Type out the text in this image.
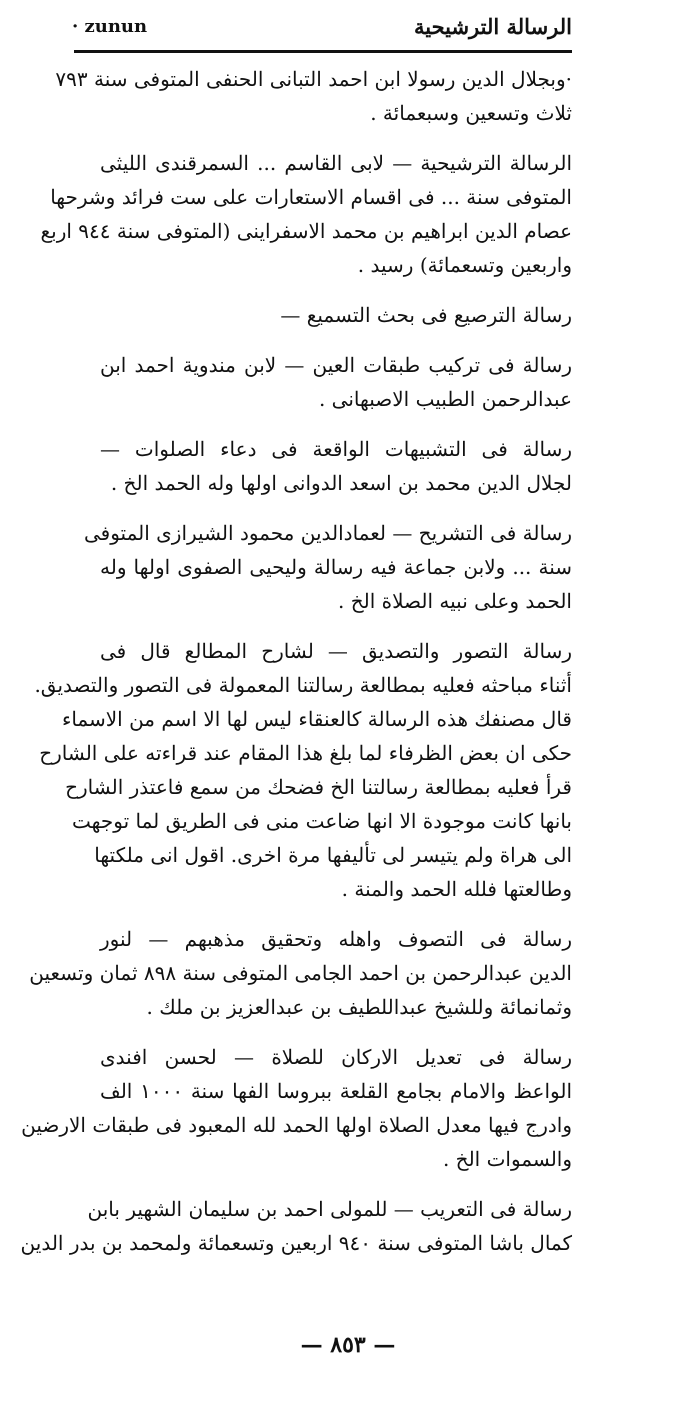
الرسالة الترشيحية
· zunun
·وبجلال الدين رسولا ابن احمد التبانى الحنفى المتوفى سنة ٧٩٣
ثلاث وتسعين وسبعمائة .
الرسالة الترشيحية — لابى القاسم ... السمرقندى الليثى
المتوفى سنة ... فى اقسام الاستعارات على ست فرائد وشرحها
عصام الدين ابراهيم بن محمد الاسفراينى (المتوفى سنة ٩٤٤ اربع
واربعين وتسعمائة) رسيد .
رسالة الترصيع فى بحث التسميع —
رسالة فى تركيب طبقات العين — لابن مندوية احمد ابن
عبدالرحمن الطبيب الاصبهانى .
رسالة فى التشبيهات الواقعة فى دعاء الصلوات —
لجلال الدين محمد بن اسعد الدوانى اولها وله الحمد الخ .
رسالة فى التشريح — لعمادالدين محمود الشيرازى المتوفى
سنة ... ولابن جماعة فيه رسالة وليحيى الصفوى اولها وله
الحمد وعلى نبيه الصلاة الخ .
رسالة التصور والتصديق — لشارح المطالع قال فى
أثناء مباحثه فعليه بمطالعة رسالتنا المعمولة فى التصور والتصديق.
قال مصنفك هذه الرسالة كالعنقاء ليس لها الا اسم من الاسماء
حكى ان بعض الظرفاء لما بلغ هذا المقام عند قراءته على الشارح
قرأ فعليه بمطالعة رسالتنا الخ فضحك من سمع فاعتذر الشارح
بانها كانت موجودة الا انها ضاعت منى فى الطريق لما توجهت
الى هراة ولم يتيسر لى تأليفها مرة اخرى. اقول انى ملكتها
وطالعتها فلله الحمد والمنة .
رسالة فى التصوف واهله وتحقيق مذهبهم — لنور
الدين عبدالرحمن بن احمد الجامى المتوفى سنة ٨٩٨ ثمان وتسعين
وثمانمائة وللشيخ عبداللطيف بن عبدالعزيز بن ملك .
رسالة فى تعديل الاركان للصلاة — لحسن افندى
الواعظ والامام بجامع القلعة ببروسا الفها سنة ١٠٠٠ الف
وادرج فيها معدل الصلاة اولها الحمد لله المعبود فى طبقات الارضين
والسموات الخ .
رسالة فى التعريب — للمولى احمد بن سليمان الشهير بابن
كمال باشا المتوفى سنة ٩٤٠ اربعين وتسعمائة ولمحمد بن بدر الدين
— ٨٥٣ —
